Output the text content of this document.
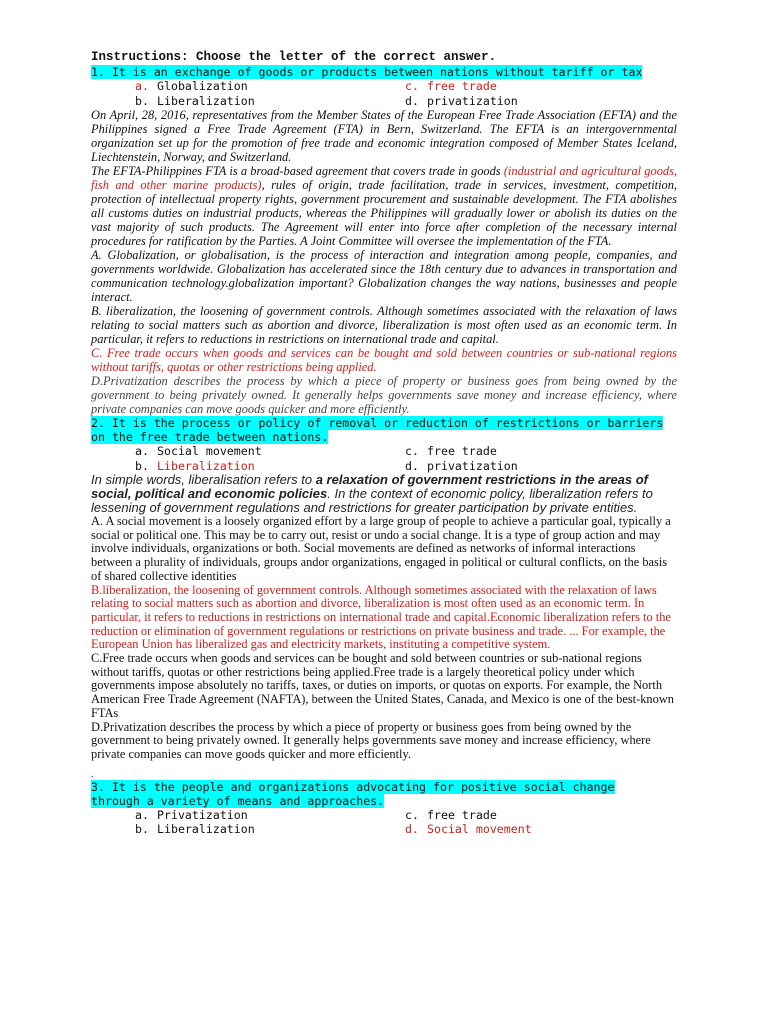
Instructions: Choose the letter of the correct answer.
1. It is an exchange of goods or products between nations without tariff or tax
a. Globalization	c. free trade
b. Liberalization	d. privatization

On April, 28, 2016, representatives from the Member States of the European Free Trade Association (EFTA) and the Philippines signed a Free Trade Agreement (FTA) in Bern, Switzerland. The EFTA is an intergovernmental organization set up for the promotion of free trade and economic integration composed of Member States Iceland, Liechtenstein, Norway, and Switzerland.

The EFTA-Philippines FTA is a broad-based agreement that covers trade in goods (industrial and agricultural goods, fish and other marine products), rules of origin, trade facilitation, trade in services, investment, competition, protection of intellectual property rights, government procurement and sustainable development. The FTA abolishes all customs duties on industrial products, whereas the Philippines will gradually lower or abolish its duties on the vast majority of such products. The Agreement will enter into force after completion of the necessary internal procedures for ratification by the Parties. A Joint Committee will oversee the implementation of the FTA.

A. Globalization, or globalisation, is the process of interaction and integration among people, companies, and governments worldwide. Globalization has accelerated since the 18th century due to advances in transportation and communication technology.globalization important? Globalization changes the way nations, businesses and people interact.

B. liberalization, the loosening of government controls. Although sometimes associated with the relaxation of laws relating to social matters such as abortion and divorce, liberalization is most often used as an economic term. In particular, it refers to reductions in restrictions on international trade and capital.

C. Free trade occurs when goods and services can be bought and sold between countries or sub-national regions without tariffs, quotas or other restrictions being applied.

D.Privatization describes the process by which a piece of property or business goes from being owned by the government to being privately owned. It generally helps governments save money and increase efficiency, where private companies can move goods quicker and more efficiently.

2. It is the process or policy of removal or reduction of restrictions or barriers
on the free trade between nations.
a. Social movement	c. free trade
b. Liberalization	d. privatization

In simple words, liberalisation refers to a relaxation of government restrictions in the areas of social, political and economic policies. In the context of economic policy, liberalization refers to lessening of government regulations and restrictions for greater participation by private entities.

A. A social movement is a loosely organized effort by a large group of people to achieve a particular goal, typically a social or political one. This may be to carry out, resist or undo a social change. It is a type of group action and may involve individuals, organizations or both. Social movements are defined as networks of informal interactions between a plurality of individuals, groups andor organizations, engaged in political or cultural conflicts, on the basis of shared collective identities

B.liberalization, the loosening of government controls. Although sometimes associated with the relaxation of laws relating to social matters such as abortion and divorce, liberalization is most often used as an economic term. In particular, it refers to reductions in restrictions on international trade and capital.Economic liberalization refers to the reduction or elimination of government regulations or restrictions on private business and trade. ... For example, the European Union has liberalized gas and electricity markets, instituting a competitive system.

C.Free trade occurs when goods and services can be bought and sold between countries or sub-national regions without tariffs, quotas or other restrictions being applied.Free trade is a largely theoretical policy under which governments impose absolutely no tariffs, taxes, or duties on imports, or quotas on exports. For example, the North American Free Trade Agreement (NAFTA), between the United States, Canada, and Mexico is one of the best-known FTAs

D.Privatization describes the process by which a piece of property or business goes from being owned by the government to being privately owned. It generally helps governments save money and increase efficiency, where private companies can move goods quicker and more efficiently.

.

3. It is the people and organizations advocating for positive social change
through a variety of means and approaches.
a. Privatization	c. free trade
b. Liberalization	d. Social movement
